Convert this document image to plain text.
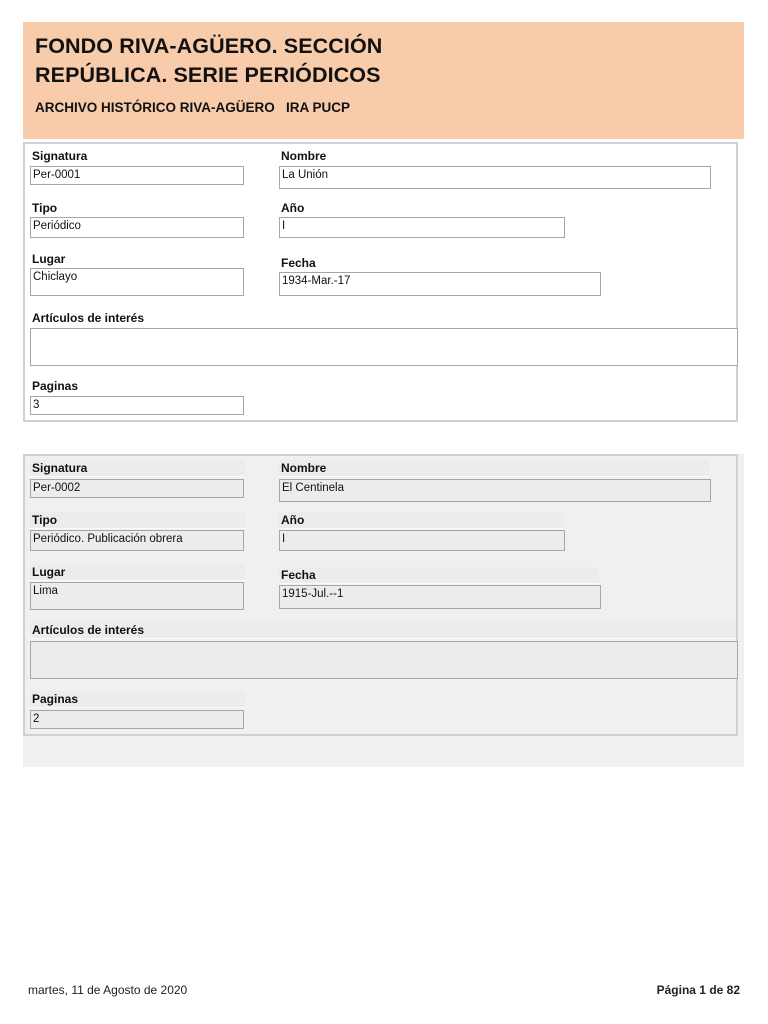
FONDO RIVA-AGÜERO. SECCIÓN
REPÚBLICA. SERIE PERIÓDICOS
ARCHIVO HISTÓRICO RIVA-AGÜERO   IRA PUCP
Signatura
Per-0001
Nombre
La Unión
Tipo
Periódico
Año
I
Lugar
Chiclayo
Fecha
1934-Mar.-17
Artículos de interés
Paginas
3
Signatura
Per-0002
Nombre
El Centinela
Tipo
Periódico. Publicación obrera
Año
I
Lugar
Lima
Fecha
1915-Jul.--1
Artículos de interés
Paginas
2
martes, 11 de Agosto de 2020	Página 1 de 82
